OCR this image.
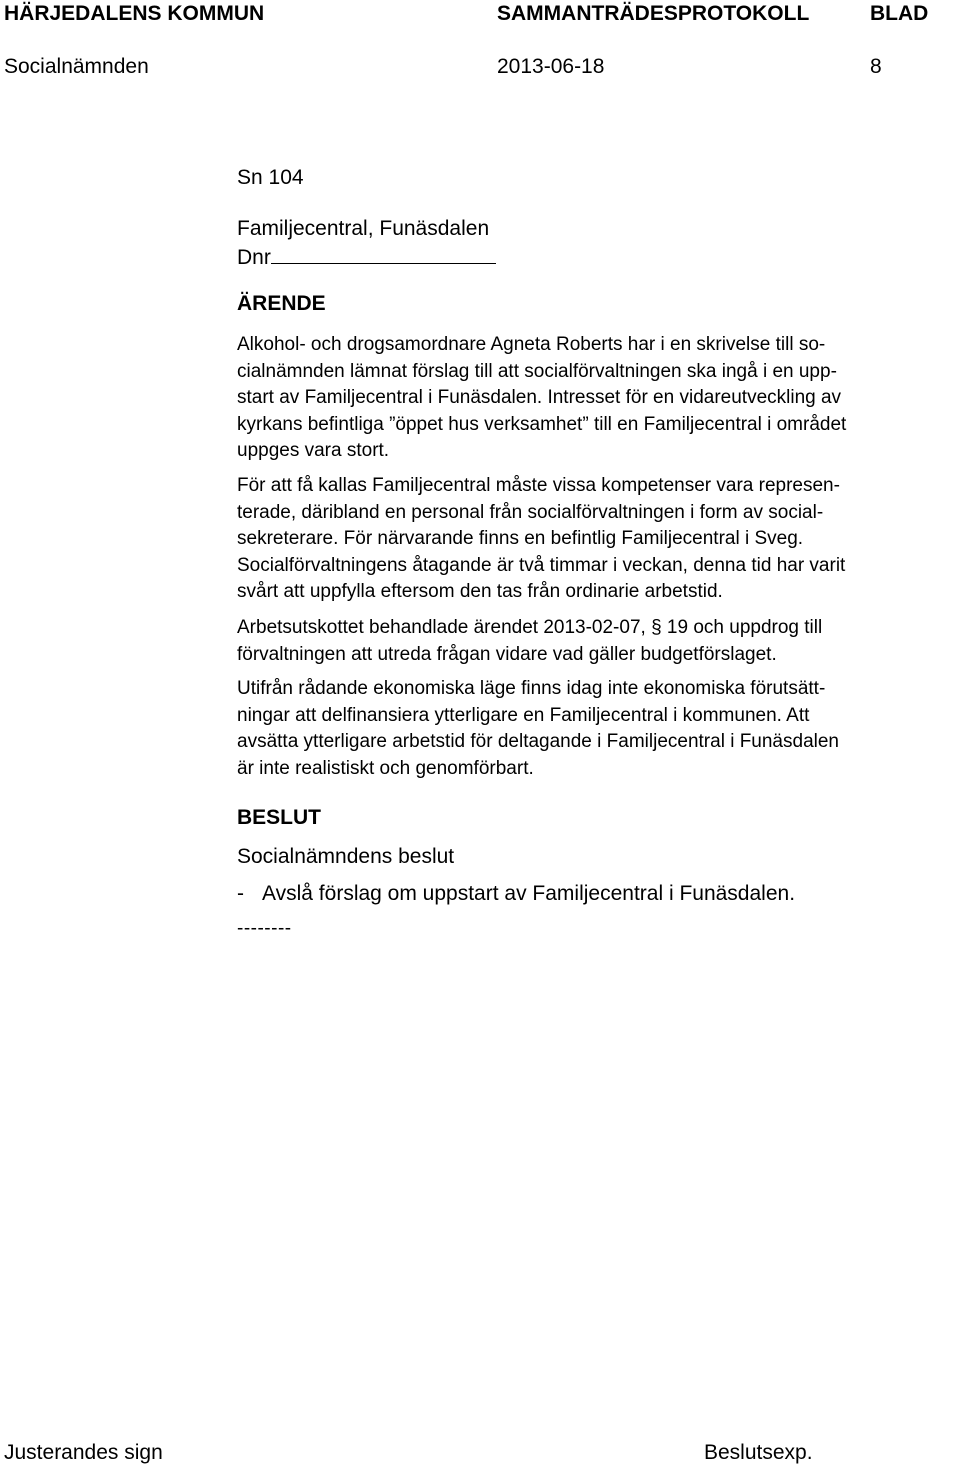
HÄRJEDALENS KOMMUN	SAMMANTRÄDESPROTOKOLL	BLAD
Socialnämnden	2013-06-18	8
Sn 104
Familjecentral, Funäsdalen
Dnr
ÄRENDE
Alkohol- och drogsamordnare Agneta Roberts har i en skrivelse till so-
cialnämnden lämnat förslag till att socialförvaltningen ska ingå i en upp-
start av Familjecentral i Funäsdalen. Intresset för en vidareutveckling av
kyrkans befintliga ”öppet hus verksamhet” till en Familjecentral i området
uppges vara stort.
För att få kallas Familjecentral måste vissa kompetenser vara represen-
terade, däribland en personal från socialförvaltningen i form av social-
sekreterare. För närvarande finns en befintlig Familjecentral i Sveg.
Socialförvaltningens åtagande är två timmar i veckan, denna tid har varit
svårt att uppfylla eftersom den tas från ordinarie arbetstid.
Arbetsutskottet behandlade ärendet 2013-02-07, § 19 och uppdrog till
förvaltningen att utreda frågan vidare vad gäller budgetförslaget.
Utifrån rådande ekonomiska läge finns idag inte ekonomiska förutsätt-
ningar att delfinansiera ytterligare en Familjecentral i kommunen. Att
avsätta ytterligare arbetstid för deltagande i Familjecentral i Funäsdalen
är inte realistiskt och genomförbart.
BESLUT
Socialnämndens beslut
- Avslå förslag om uppstart av Familjecentral i Funäsdalen.
--------
Justerandes sign	Beslutsexp.
